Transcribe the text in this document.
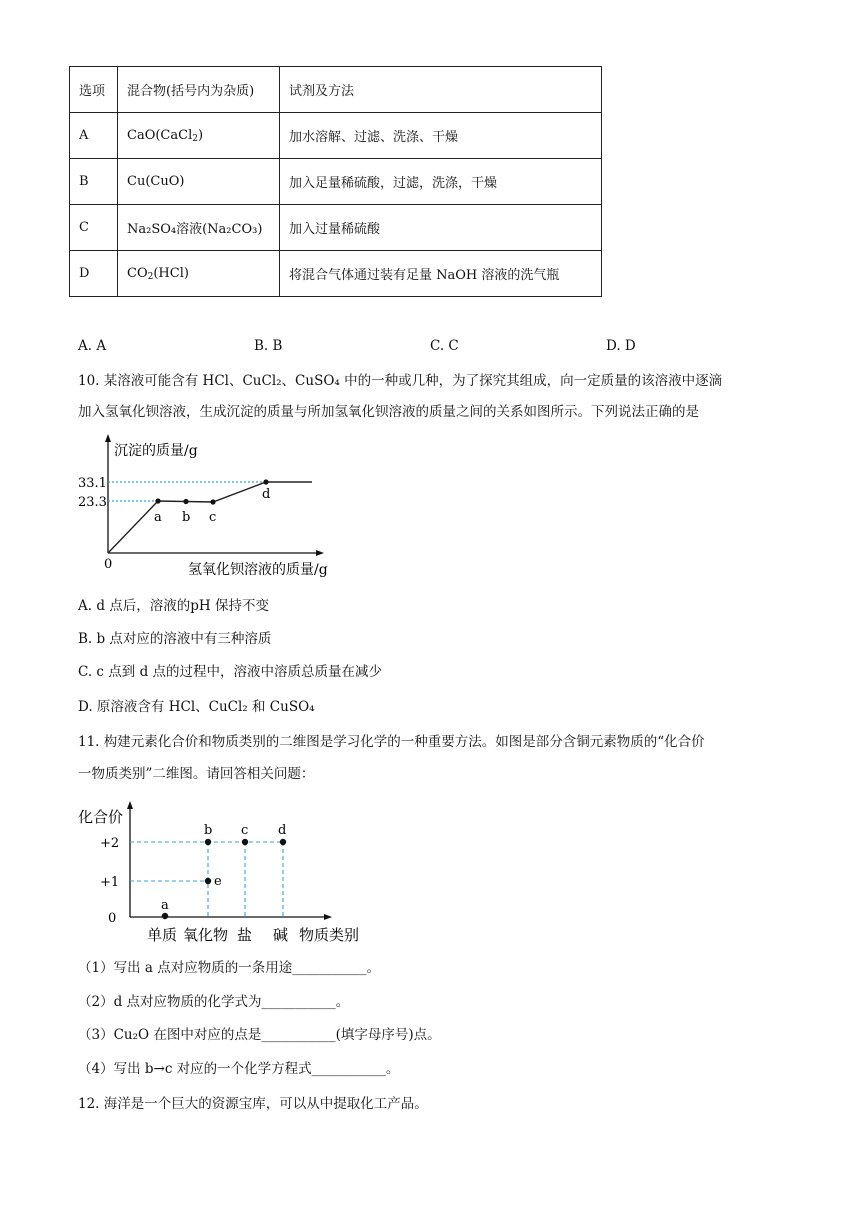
选项	混合物(括号内为杂质)	试剂及方法
A	CaO(CaCl$_2$)	加水溶解、过滤、洗涤、干燥
B	Cu(CuO)	加入足量稀硫酸，过滤，洗涤，干燥
C	Na₂SO₄溶液(Na₂CO₃)	加入过量稀硫酸
D	$CO_2(HCl)$	将混合气体通过装有足量 NaOH 溶液的洗气瓶
A. A	B. B	C. C	D. D
10. 某溶液可能含有 HCl、CuCl₂、CuSO₄ 中的一种或几种，为了探究其组成，向一定质量的该溶液中逐滴
加入氢氧化钡溶液，生成沉淀的质量与所加氢氧化钡溶液的质量之间的关系如图所示。下列说法正确的是
沉淀的质量/g
33.1
23.3
0
a b c
d
氢氧化钡溶液的质量/g
A. d 点后，溶液的pH 保持不变
B. b 点对应的溶液中有三种溶质
C. c 点到 d 点的过程中，溶液中溶质总质量在减少
D. 原溶液含有 HCl、CuCl₂ 和 CuSO₄
11. 构建元素化合价和物质类别的二维图是学习化学的一种重要方法。如图是部分含铜元素物质的“化合价
一物质类别”二维图。请回答相关问题：
化合价
+2
+1
0
a
b c d
e
单质 氧化物 盐 碱 物质类别
（1）写出 a 点对应物质的一条用途___________。
（2）d 点对应物质的化学式为___________。
（3）Cu₂O 在图中对应的点是___________(填字母序号)点。
（4）写出 b→c 对应的一个化学方程式___________。
12. 海洋是一个巨大的资源宝库，可以从中提取化工产品。
